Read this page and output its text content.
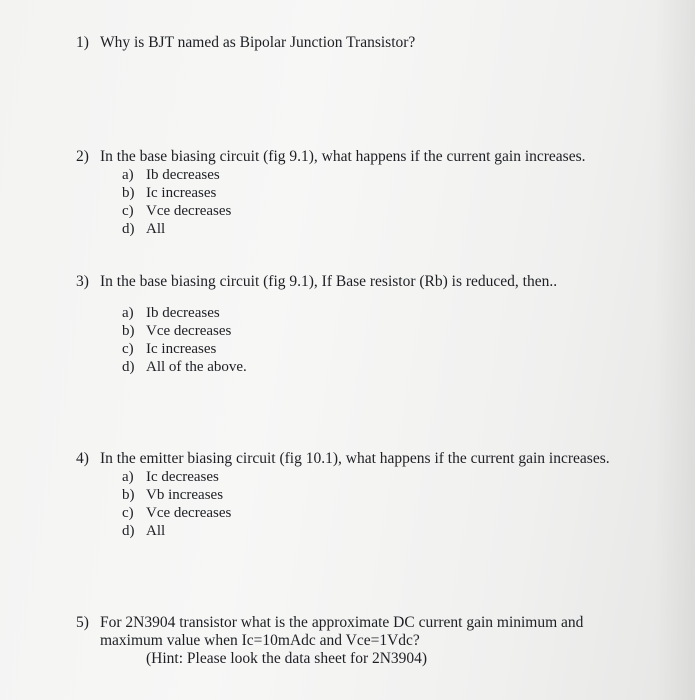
1) Why is BJT named as Bipolar Junction Transistor?
2) In the base biasing circuit (fig 9.1), what happens if the current gain increases.
a) Ib decreases
b) Ic increases
c) Vce decreases
d) All
3) In the base biasing circuit (fig 9.1), If Base resistor (Rb) is reduced, then..
a) Ib decreases
b) Vce decreases
c) Ic increases
d) All of the above.
4) In the emitter biasing circuit (fig 10.1), what happens if the current gain increases.
a) Ic decreases
b) Vb increases
c) Vce decreases
d) All
5) For 2N3904 transistor what is the approximate DC current gain minimum and
maximum value when Ic=10mAdc and Vce=1Vdc?
(Hint: Please look the data sheet for 2N3904)
